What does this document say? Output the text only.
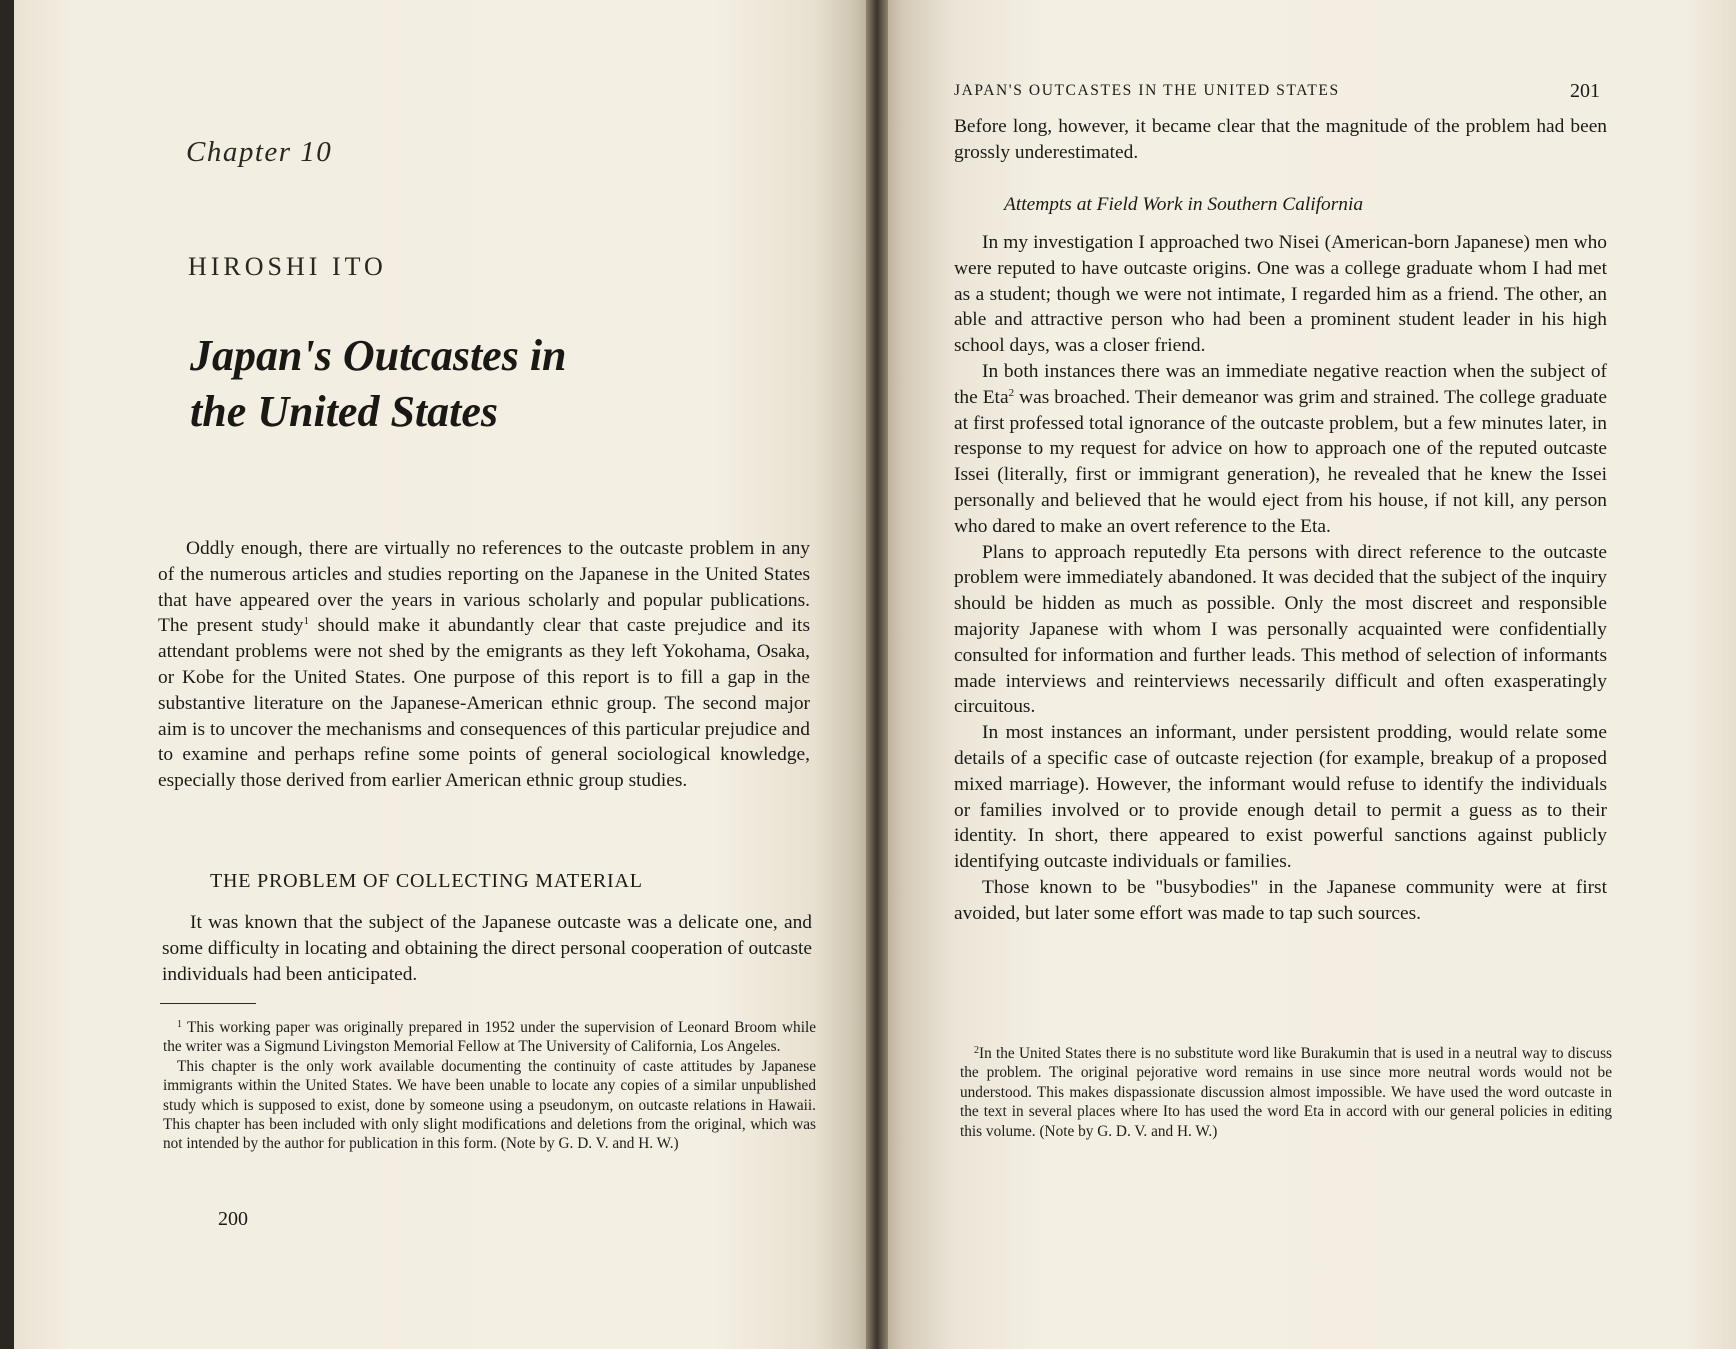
Chapter 10

HIROSHI ITO

Japan's Outcastes in
the United States

Oddly enough, there are virtually no references to the outcaste problem in any of the numerous articles and studies reporting on the Japanese in the United States that have appeared over the years in various scholarly and popular publications. The present study$^1$ should make it abundantly clear that caste prejudice and its attendant problems were not shed by the emigrants as they left Yokohama, Osaka, or Kobe for the United States. One purpose of this report is to fill a gap in the substantive literature on the Japanese-American ethnic group. The second major aim is to uncover the mechanisms and consequences of this particular prejudice and to examine and perhaps refine some points of general sociological knowledge, especially those derived from earlier American ethnic group studies.

THE PROBLEM OF COLLECTING MATERIAL

It was known that the subject of the Japanese outcaste was a delicate one, and some difficulty in locating and obtaining the direct personal cooperation of outcaste individuals had been anticipated.

$^1$ This working paper was originally prepared in 1952 under the supervision of Leonard Broom while the writer was a Sigmund Livingston Memorial Fellow at The University of California, Los Angeles.

This chapter is the only work available documenting the continuity of caste attitudes by Japanese immigrants within the United States. We have been unable to locate any copies of a similar unpublished study which is supposed to exist, done by someone using a pseudonym, on outcaste relations in Hawaii. This chapter has been included with only slight modifications and deletions from the original, which was not intended by the author for publication in this form. (Note by G. D. V. and H. W.)

200

JAPAN'S OUTCASTES IN THE UNITED STATES	201

Before long, however, it became clear that the magnitude of the problem had been grossly underestimated.

Attempts at Field Work in Southern California

In my investigation I approached two Nisei (American-born Japanese) men who were reputed to have outcaste origins. One was a college graduate whom I had met as a student; though we were not intimate, I regarded him as a friend. The other, an able and attractive person who had been a prominent student leader in his high school days, was a closer friend.

In both instances there was an immediate negative reaction when the subject of the Eta$^2$ was broached. Their demeanor was grim and strained. The college graduate at first professed total ignorance of the outcaste problem, but a few minutes later, in response to my request for advice on how to approach one of the reputed outcaste Issei (literally, first or immigrant generation), he revealed that he knew the Issei personally and believed that he would eject from his house, if not kill, any person who dared to make an overt reference to the Eta.

Plans to approach reputedly Eta persons with direct reference to the outcaste problem were immediately abandoned. It was decided that the subject of the inquiry should be hidden as much as possible. Only the most discreet and responsible majority Japanese with whom I was personally acquainted were confidentially consulted for information and further leads. This method of selection of informants made interviews and reinterviews necessarily difficult and often exasperatingly circuitous.

In most instances an informant, under persistent prodding, would relate some details of a specific case of outcaste rejection (for example, breakup of a proposed mixed marriage). However, the informant would refuse to identify the individuals or families involved or to provide enough detail to permit a guess as to their identity. In short, there appeared to exist powerful sanctions against publicly identifying outcaste individuals or families.

Those known to be "busybodies" in the Japanese community were at first avoided, but later some effort was made to tap such sources.

$^2$In the United States there is no substitute word like Burakumin that is used in a neutral way to discuss the problem. The original pejorative word remains in use since more neutral words would not be understood. This makes dispassionate discussion almost impossible. We have used the word outcaste in the text in several places where Ito has used the word Eta in accord with our general policies in editing this volume. (Note by G. D. V. and H. W.)
